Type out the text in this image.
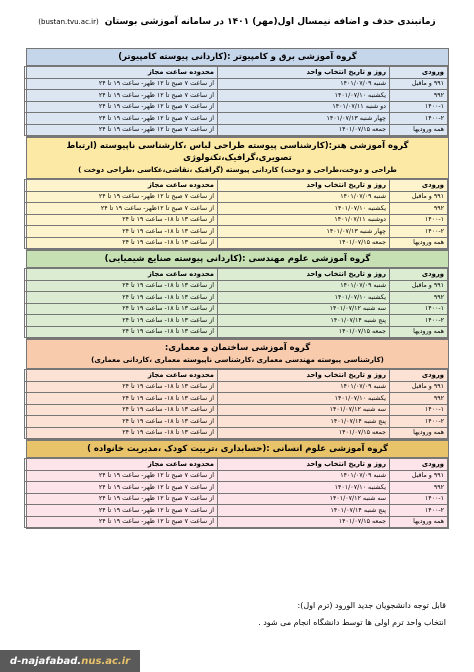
زمانبندی حذف و اضافه نیمسال اول(مهر) ۱۴۰۱ در سامانه آموزشی بوستان
(bustan.tvu.ac.ir)
گروه آموزشی برق و کامپیوتر :(کاردانی پیوسته کامپیوتر)
ورودی	روز و تاریخ انتخاب واحد	محدوده ساعت مجاز
۹۹۱ و ماقبل	شنبه ۱۴۰۱/۰۷/۰۹	از ساعت ۷ صبح تا ۱۲ ظهر- ساعت ۱۹ تا ۲۴
۹۹۲	یکشنبه ۱۴۰۱/۰۷/۱۰	از ساعت ۷ صبح تا ۱۲ ظهر- ساعت ۱۹ تا ۲۴
۱۴۰۰-۱	دو شنبه ۱۴۰۱/۰۷/۱۱	از ساعت ۷ صبح تا ۱۲ ظهر- ساعت ۱۹ تا ۲۴
۱۴۰۰-۲	چهار شنبه ۱۴۰۱/۰۷/۱۳	از ساعت ۷ صبح تا ۱۲ ظهر- ساعت ۱۹ تا ۲۴
همه ورودیها	جمعه ۱۴۰۱/۰۷/۱۵	از ساعت ۷ صبح تا ۱۲ ظهر- ساعت ۱۹ تا ۲۴
گروه آموزشی هنر:(کارشناسی پیوسته طراحی لباس ،کارشناسی ناپیوسته (ارتباط تصویری،گرافیک،تکنولوژی
طراحی و دوخت،طراحی و دوخت) کاردانی پیوسته (گرافیک ،نقاشی،عکاسی ،طراحی دوخت )
ورودی	روز و تاریخ انتخاب واحد	محدوده ساعت مجاز
۹۹۱ و ماقبل	شنبه ۱۴۰۱/۰۷/۰۹	از ساعت ۷ صبح تا ۱۲ ظهر- ساعت ۱۹ تا ۲۴
۹۹۲	یکشنبه ۱۴۰۱/۰۷/۱۰	از ساعت ۷ صبح تا ۱۲ظهر- ساعت ۱۹ تا ۲۴
۱۴۰۰-۱	دوشنبه ۱۴۰۱/۰۷/۱۱	از ساعت ۱۳ تا ۱۸- ساعت ۱۹ تا ۲۴
۱۴۰۰-۲	چهار شنبه ۱۴۰۱/۰۷/۱۳	از ساعت ۱۳ تا ۱۸- ساعت ۱۹ تا ۲۴
همه ورودیها	جمعه ۱۴۰۱/۰۷/۱۵	از ساعت ۱۳ تا ۱۸- ساعت ۱۹ تا ۲۴
گروه آموزشی علوم مهندسی :(کاردانی پیوسته صنایع شیمیایی)
ورودی	روز و تاریخ انتخاب واحد	محدوده ساعت مجاز
۹۹۱ و ماقبل	شنبه ۱۴۰۱/۰۷/۰۹	از ساعت ۱۳ تا ۱۸- ساعت ۱۹ تا ۲۴
۹۹۲	یکشنبه ۱۴۰۱/۰۷/۱۰	از ساعت ۱۳ تا ۱۸- ساعت ۱۹ تا ۲۴
۱۴۰۰-۱	سه شنبه ۱۴۰۱/۰۷/۱۲	از ساعت ۱۳ تا ۱۸- ساعت ۱۹ تا ۲۴
۱۴۰۰-۲	پنج شنبه ۱۴۰۱/۰۷/۱۴	از ساعت ۱۳ تا ۱۸- ساعت ۱۹ تا ۲۴
همه ورودیها	جمعه ۱۴۰۱/۰۷/۱۵	از ساعت ۱۳ تا ۱۸- ساعت ۱۹ تا ۲۴
گروه آموزشی ساختمان و معماری:
(کارشناسی پیوسته مهندسی معماری ،کارشناسی ناپیوسته معماری ،کاردانی معماری)
ورودی	روز و تاریخ انتخاب واحد	محدوده ساعت مجاز
۹۹۱ و ماقبل	شنبه ۱۴۰۱/۰۷/۰۹	از ساعت ۱۳ تا ۱۸- ساعت ۱۹ تا ۲۴
۹۹۲	یکشنبه ۱۴۰۱/۰۷/۱۰	از ساعت ۱۳ تا ۱۸- ساعت ۱۹ تا ۲۴
۱۴۰۰-۱	سه شنبه ۱۴۰۱/۰۷/۱۲	از ساعت ۱۳ تا ۱۸- ساعت ۱۹ تا ۲۴
۱۴۰۰-۲	پنج شنبه ۱۴۰۱/۰۷/۱۴	از ساعت ۱۳ تا ۱۸- ساعت ۱۹ تا ۲۴
همه ورودیها	جمعه ۱۴۰۱/۰۷/۱۵	از ساعت ۱۳ تا ۱۸- ساعت ۱۹ تا ۲۴
گروه آموزشی علوم انسانی :(حسابداری ،تربیت کودک ،مدیریت خانواده )
ورودی	روز و تاریخ انتخاب واحد	محدوده ساعت مجاز
۹۹۱ و ماقبل	شنبه ۱۴۰۱/۰۷/۰۹	از ساعت ۷ صبح تا ۱۲ ظهر- ساعت ۱۹ تا ۲۴
۹۹۲	یکشنبه ۱۴۰۱/۰۷/۱۰	از ساعت ۷ صبح تا ۱۲ ظهر- ساعت ۱۹ تا ۲۴
۱۴۰۰-۱	سه شنبه ۱۴۰۱/۰۷/۱۲	از ساعت ۷ صبح تا ۱۲ ظهر- ساعت ۱۹ تا ۲۴
۱۴۰۰-۲	پنج شنبه ۱۴۰۱/۰۷/۱۴	از ساعت ۷ صبح تا ۱۲ ظهر- ساعت ۱۹ تا ۲۴
همه ورودیها	جمعه ۱۴۰۱/۰۷/۱۵	از ساعت ۷ صبح تا ۱۲ ظهر- ساعت ۱۹ تا ۲۴
قابل توجه دانشجویان جدید الورود (ترم اول):
انتخاب واحد ترم اولی ها توسط دانشگاه انجام می شود .
d-najafabad. nus.ac.ir
